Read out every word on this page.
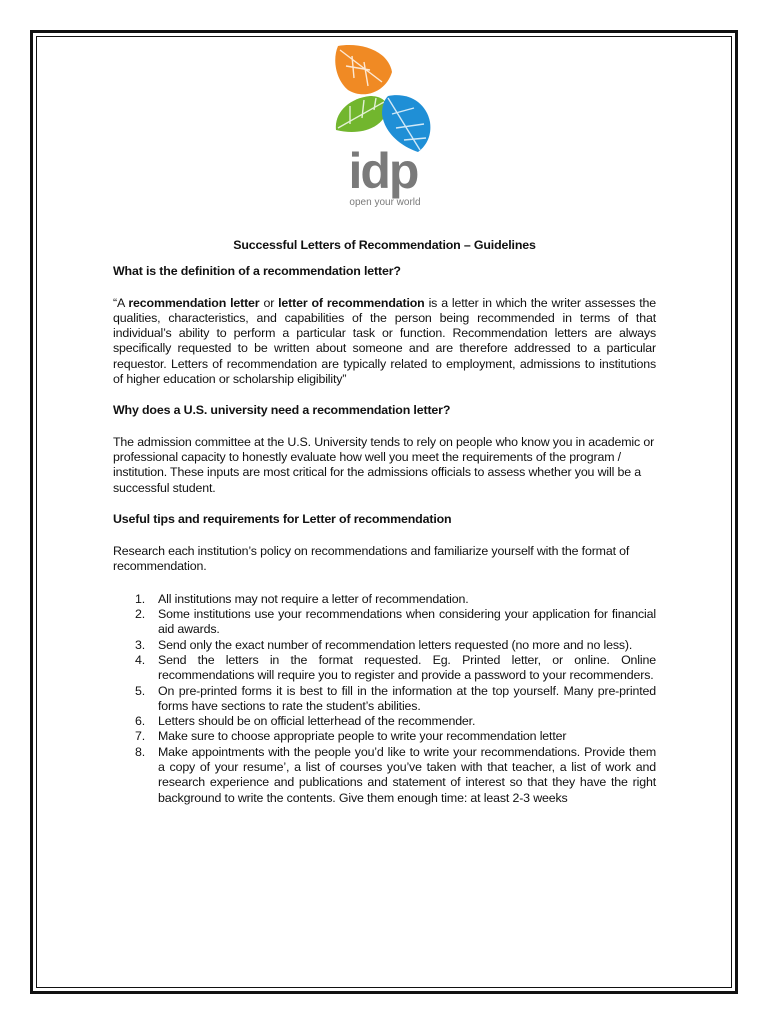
idp
open your world

Successful Letters of Recommendation – Guidelines

What is the definition of a recommendation letter?

“A recommendation letter or letter of recommendation is a letter in which the writer assesses the qualities, characteristics, and capabilities of the person being recommended in terms of that individual’s ability to perform a particular task or function. Recommendation letters are always specifically requested to be written about someone and are therefore addressed to a particular requestor. Letters of recommendation are typically related to employment, admissions to institutions of higher education or scholarship eligibility”

Why does a U.S. university need a recommendation letter?

The admission committee at the U.S. University tends to rely on people who know you in academic or professional capacity to honestly evaluate how well you meet the requirements of the program / institution. These inputs are most critical for the admissions officials to assess whether you will be a successful student.

Useful tips and requirements for Letter of recommendation

Research each institution’s policy on recommendations and familiarize yourself with the format of recommendation.

1. All institutions may not require a letter of recommendation.
2. Some institutions use your recommendations when considering your application for financial aid awards.
3. Send only the exact number of recommendation letters requested (no more and no less).
4. Send the letters in the format requested. Eg. Printed letter, or online. Online recommendations will require you to register and provide a password to your recommenders.
5. On pre-printed forms it is best to fill in the information at the top yourself. Many pre-printed forms have sections to rate the student’s abilities.
6. Letters should be on official letterhead of the recommender.
7. Make sure to choose appropriate people to write your recommendation letter
8. Make appointments with the people you’d like to write your recommendations. Provide them a copy of your resume’, a list of courses you’ve taken with that teacher, a list of work and research experience and publications and statement of interest so that they have the right background to write the contents. Give them enough time: at least 2-3 weeks
